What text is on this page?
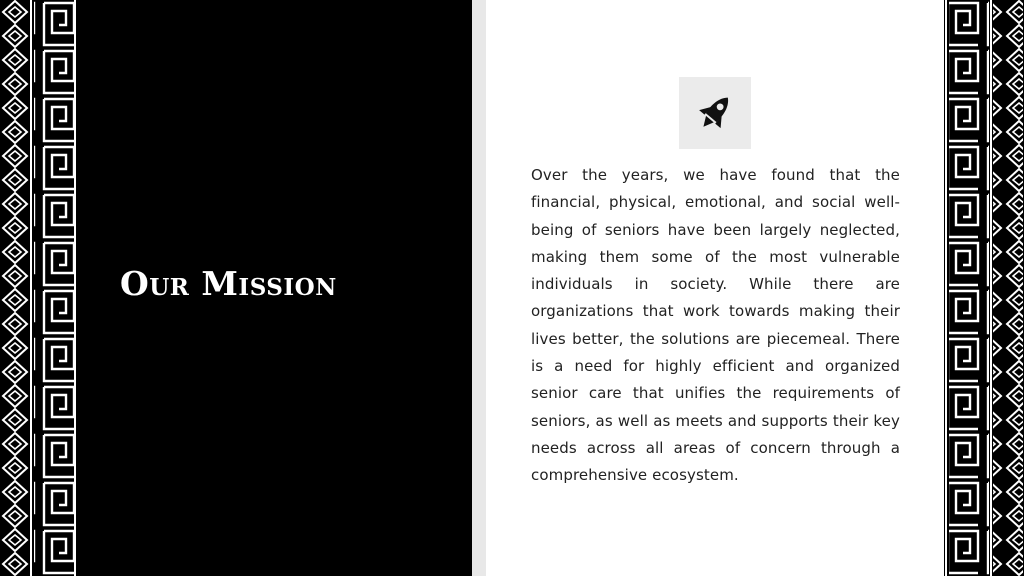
Our Mission

Over the years, we have found that the financial, physical, emotional, and social well-being of seniors have been largely neglected, making them some of the most vulnerable individuals in society. While there are organizations that work towards making their lives better, the solutions are piecemeal. There is a need for highly efficient and organized senior care that unifies the requirements of seniors, as well as meets and supports their key needs across all areas of concern through a comprehensive ecosystem.
